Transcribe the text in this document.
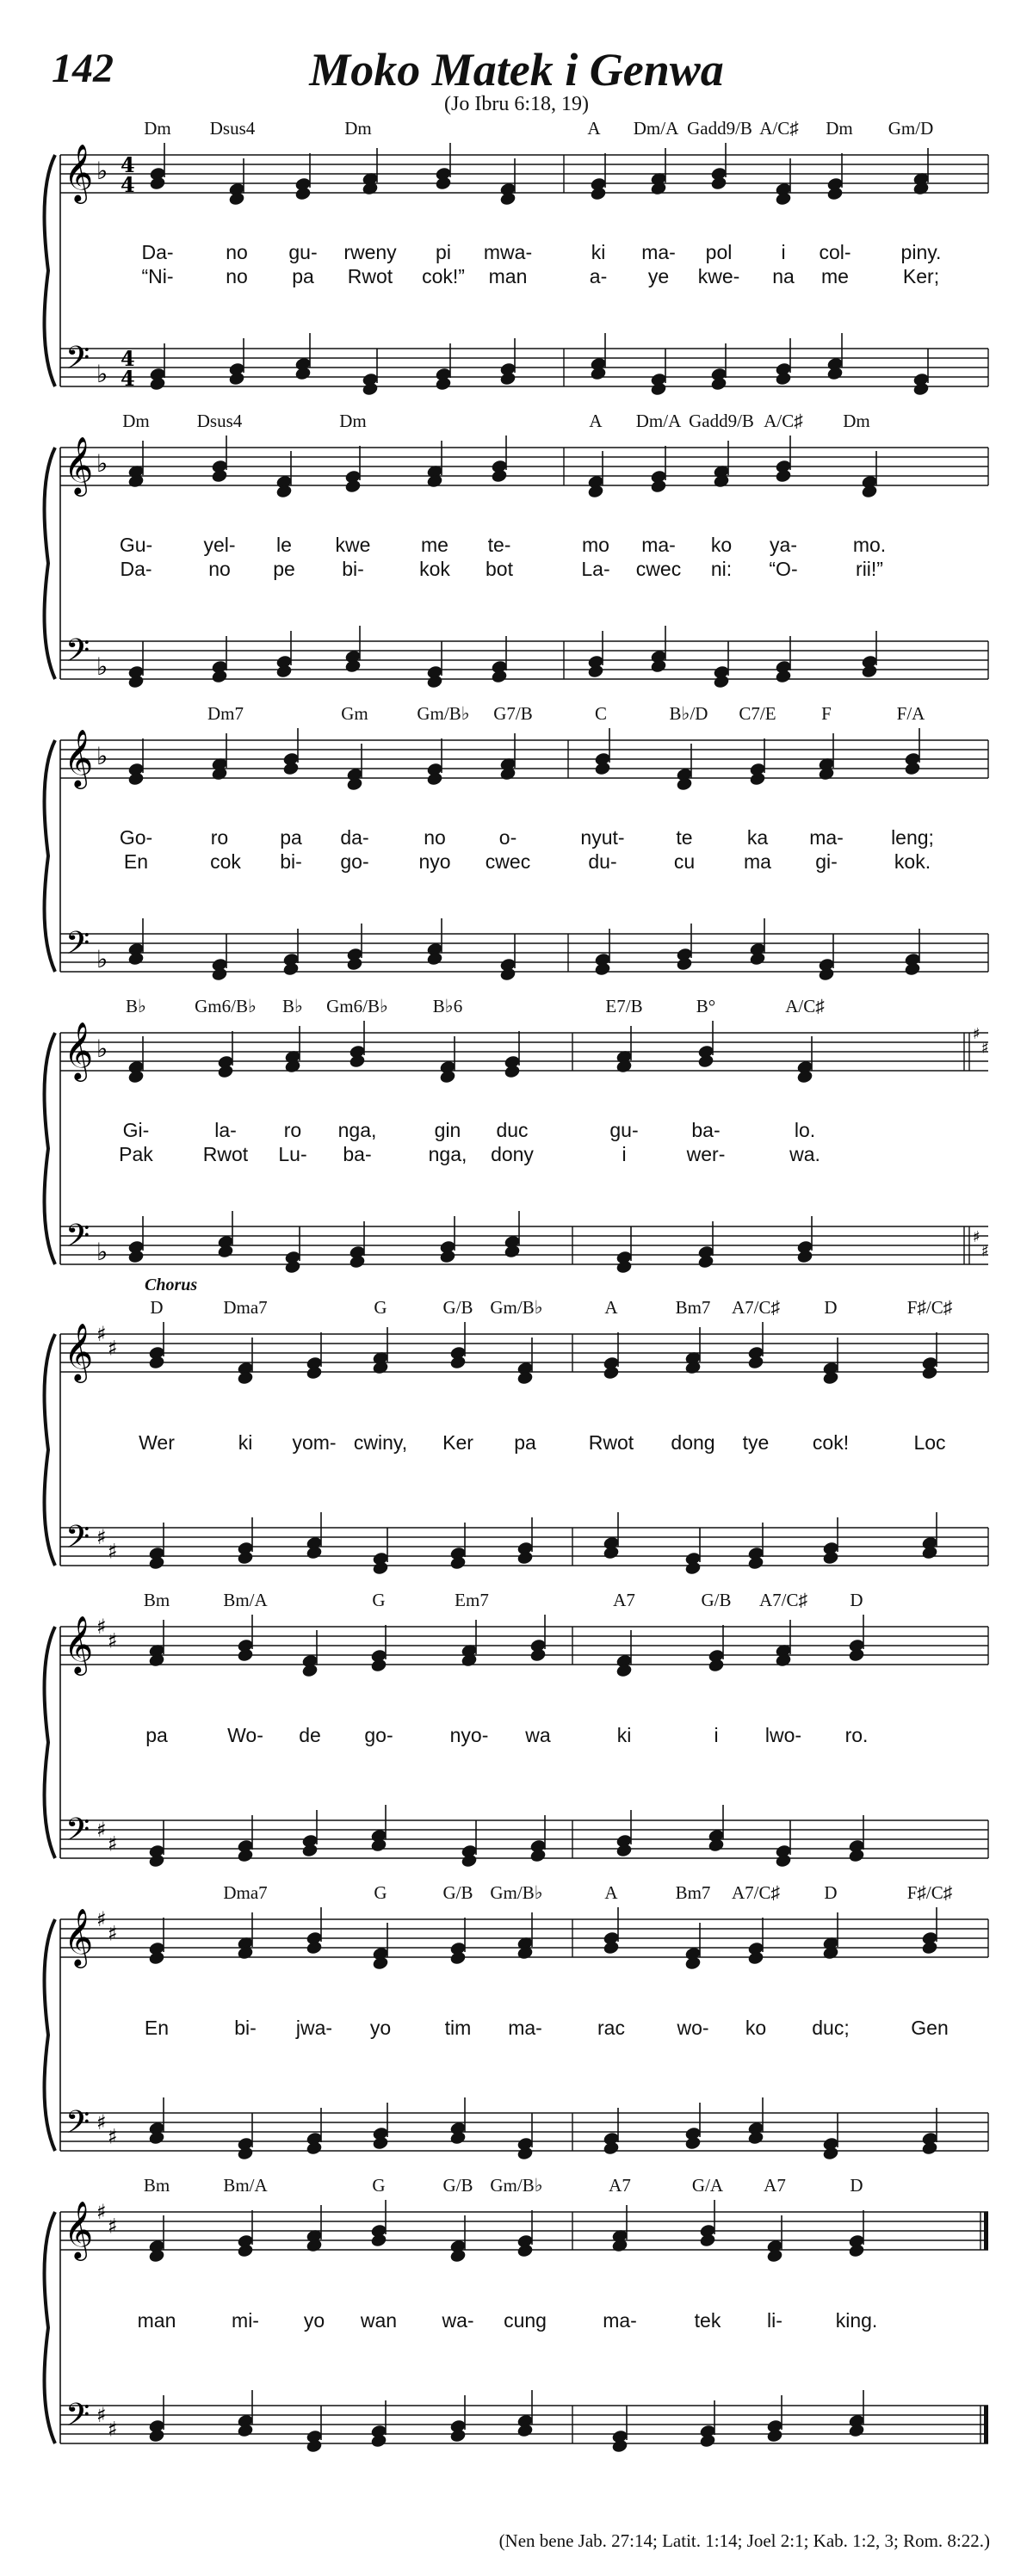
142	Moko Matek i Genwa
(Jo Ibru 6:18, 19)
𝄞
𝄢
♭
♭
4
4
4
4
Dm Dsus4	Dm	A Dm/A Gadd9/B A/C♯ Dm Gm/D
Da-	no gu- rweny pi mwa-	ki ma- pol i col-	piny.
“Ni-	no pa Rwot cok!” man	a- ye kwe- na me	Ker;
𝄞
𝄢
♭
♭
Dm	Dsus4	Dm	A Dm/A Gadd9/B A/C♯ Dm
Gu-	yel- le kwe	me te-	mo ma- ko ya-	mo.
Da-	no pe bi-	kok bot	La- cwec ni: “O-	rii!”
𝄞
𝄢
♭
♭
Dm7	Gm	Gm/B♭ G7/B	C	B♭/D C7/E	F	F/A
Go-	ro	pa da-	no	o-	nyut-	te	ka ma- leng;
En	cok bi- go-	nyo cwec	du-	cu ma gi-	kok.
𝄞
𝄢
♭
♭
♯
♯
♯
♯
B♭	Gm6/B♭ B♭ Gm6/B♭ B♭6	E7/B	B°	A/C♯
Gi-	la- ro nga,	gin duc	gu-	ba-	lo.
Pak	Rwot Lu- ba-	nga, dony	i	wer-	wa.
𝄞
𝄢
♯
♯
♯
♯
Chorus
D	Dma7	G	G/B Gm/B♭	A	Bm7 A7/C♯ D	F♯/C♯
Wer	ki yom- cwiny, Ker pa	Rwot dong tye cok!	Loc
𝄞
𝄢
♯
♯
♯
♯
Bm	Bm/A	G	Em7	A7	G/B A7/C♯ D
pa	Wo- de go-	nyo- wa	ki	i lwo- ro.
𝄞
𝄢
♯
♯
♯
♯
Dma7	G	G/B Gm/B♭	A	Bm7 A7/C♯ D	F♯/C♯
En	bi- jwa- yo	tim ma-	rac	wo- ko duc;	Gen
𝄞
𝄢
♯
♯
♯
♯
Bm	Bm/A	G	G/B Gm/B♭	A7	G/A A7	D
man	mi- yo wan wa- cung	ma-	tek li-	king.
(Nen bene Jab. 27:14; Latit. 1:14; Joel 2:1; Kab. 1:2, 3; Rom. 8:22.)
